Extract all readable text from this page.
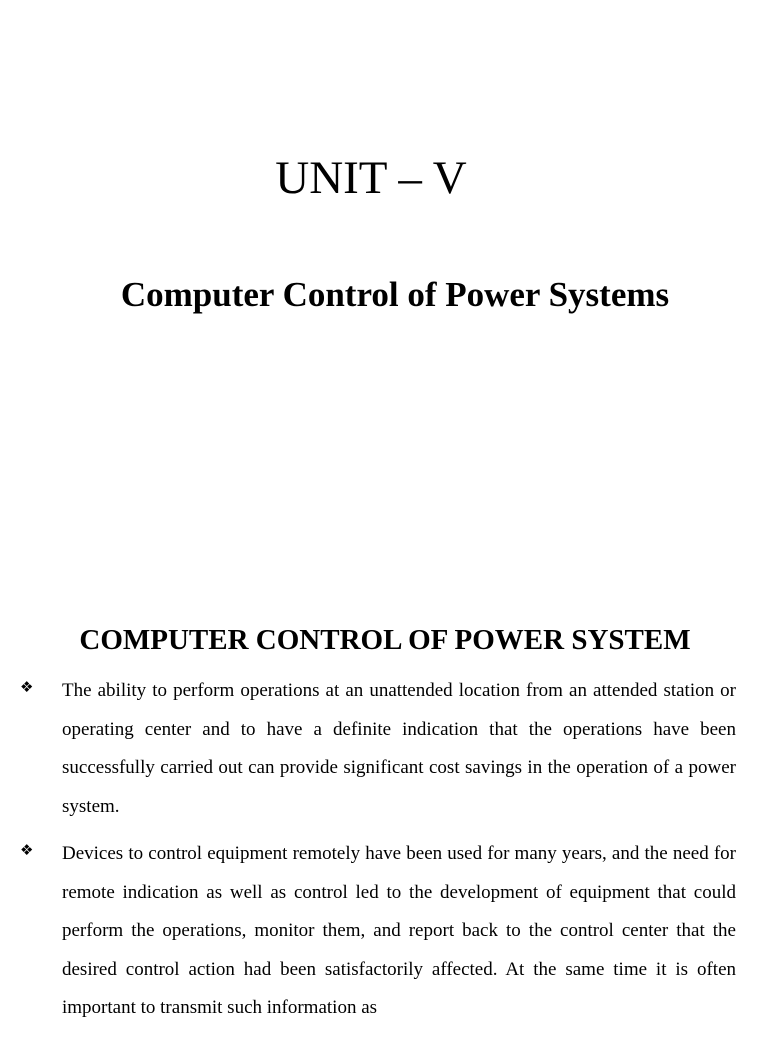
UNIT – V
Computer Control of Power Systems
COMPUTER CONTROL OF POWER SYSTEM
❖ The ability to perform operations at an unattended location from an attended station or operating center and to have a definite indication that the operations have been successfully carried out can provide significant cost savings in the operation of a power system.

❖ Devices to control equipment remotely have been used for many years, and the need for remote indication as well as control led to the development of equipment that could perform the operations, monitor them, and report back to the control center that the desired control action had been satisfactorily affected. At the same time it is often important to transmit such information as
